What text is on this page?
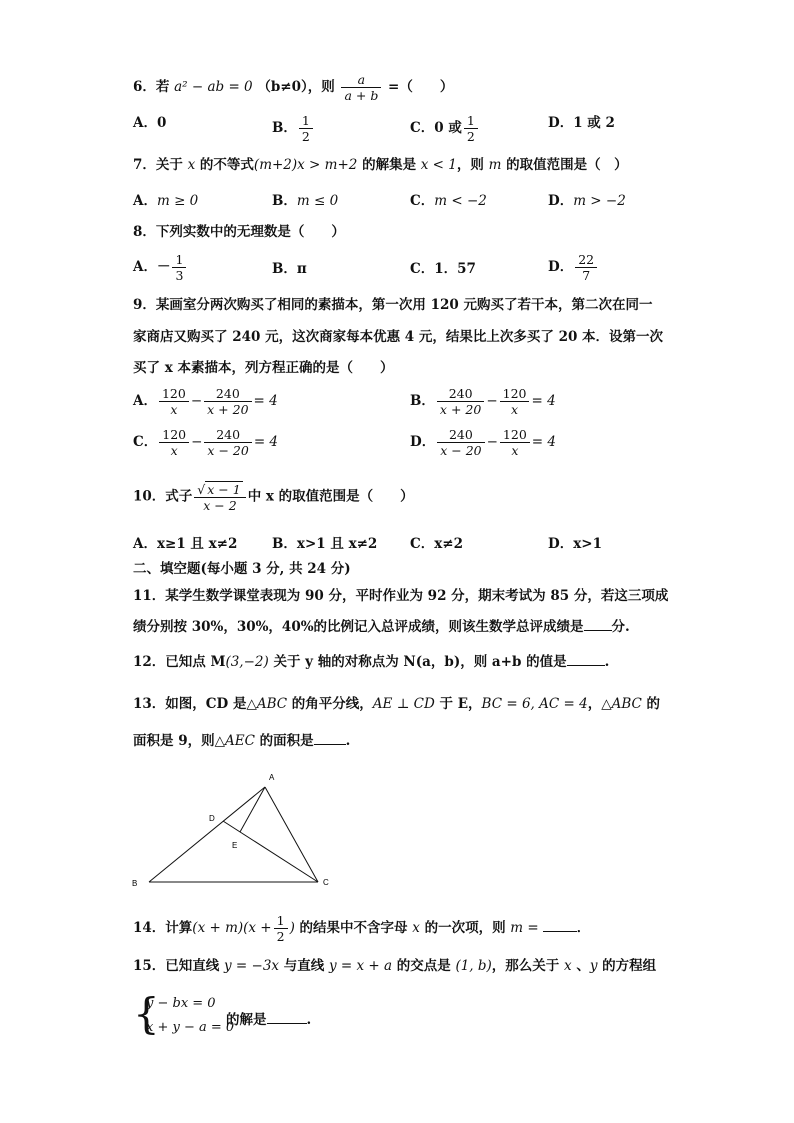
6．若 a² − ab = 0 （b≠0），则 $\frac{a}{a + b}$ =（　　）
A．0	B． $\frac{1}{2}$	C．0 或 $\frac{1}{2}$	D．1 或 2
7．关于 x 的不等式(m+2)x > m+2 的解集是 x < 1，则 m 的取值范围是（　）
A．m ≥ 0	B．m ≤ 0	C．m < −2	D．m > −2
8．下列实数中的无理数是（　　）
A．－ $\frac{1}{3}$	B．π	C．1．57	D． $\frac{22}{7}$
9．某画室分两次购买了相同的素描本，第一次用 120 元购买了若干本，第二次在同一
家商店又购买了 240 元，这次商家每本优惠 4 元，结果比上次多买了 20 本．设第一次
买了 x 本素描本，列方程正确的是（　　）
A． $\frac{120}{x} - \frac{240}{x + 20} = 4$	B． $\frac{240}{x + 20} - \frac{120}{x} = 4$
C． $\frac{120}{x} - \frac{240}{x - 20} = 4$	D． $\frac{240}{x - 20} - \frac{120}{x} = 4$
10．式子 $\frac{√ x - 1}{x - 2}$ 中 x 的取值范围是（　　）
A．x≥1 且 x≠2	B．x>1 且 x≠2 C．x≠2	D．x>1
二、填空题(每小题 3 分, 共 24 分)
11．某学生数学课堂表现为 90 分，平时作业为 92 分，期末考试为 85 分，若这三项成
绩分别按 30%，30%，40%的比例记入总评成绩，则该生数学总评成绩是 分.
12．已知点 M(3,−2) 关于 y 轴的对称点为 N(a，b)，则 a+b 的值是	.
13．如图，CD 是△ABC 的角平分线，AE ⊥ CD 于 E，BC = 6, AC = 4，△ABC 的
面积是 9，则△AEC 的面积是 .
A
B	C
D
E
14．计算$(x + m)(x + \frac{1}{2}$ ) 的结果中不含字母 x 的一次项，则 m =	．
15．已知直线 y = −3x 与直线 y = x + a 的交点是 (1, b)，那么关于 x 、y 的方程组
{
y − bx = 0
x + y − a = 0
的解是	.
